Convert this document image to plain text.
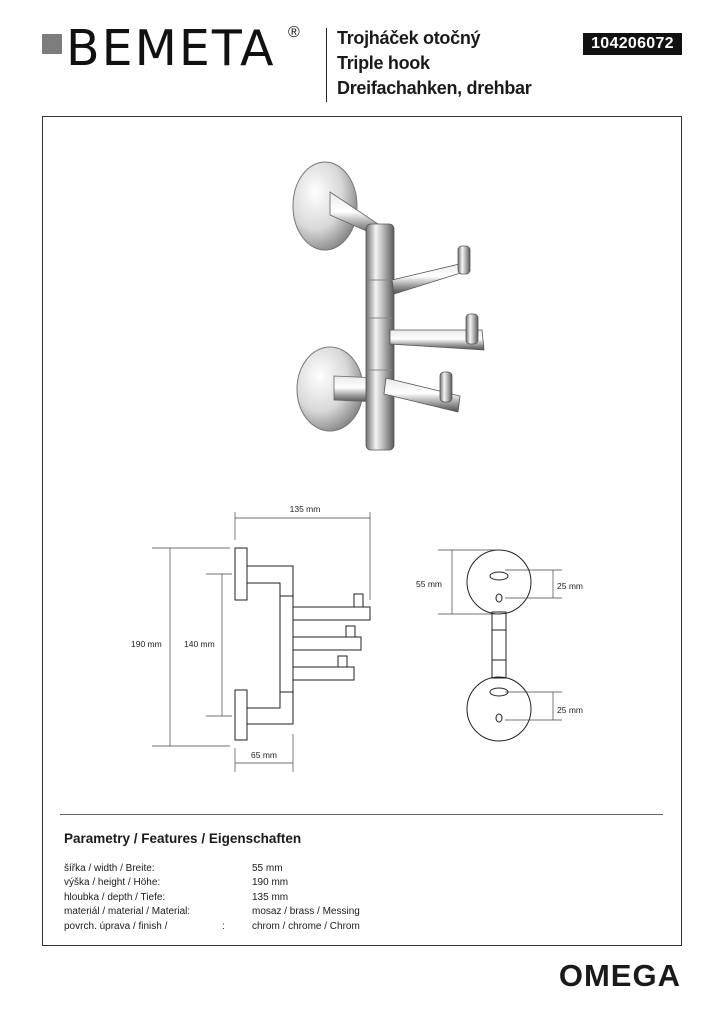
BEMETA ® Trojháček otočný
Triple hook
Dreifachahken, drehbar
104206072
135 mm
190 mm	140 mm
65 mm
55 mm	25 mm
25 mm
Parametry / Features / Eigenschaften
šířka / width / Breite:	55 mm
výška / height / Höhe:	190 mm
hloubka / depth / Tiefe:	135 mm
materiál / material / Material:	mosaz / brass / Messing
povrch. úprava / finish /	:	chrom / chrome / Chrom
OMEGA
